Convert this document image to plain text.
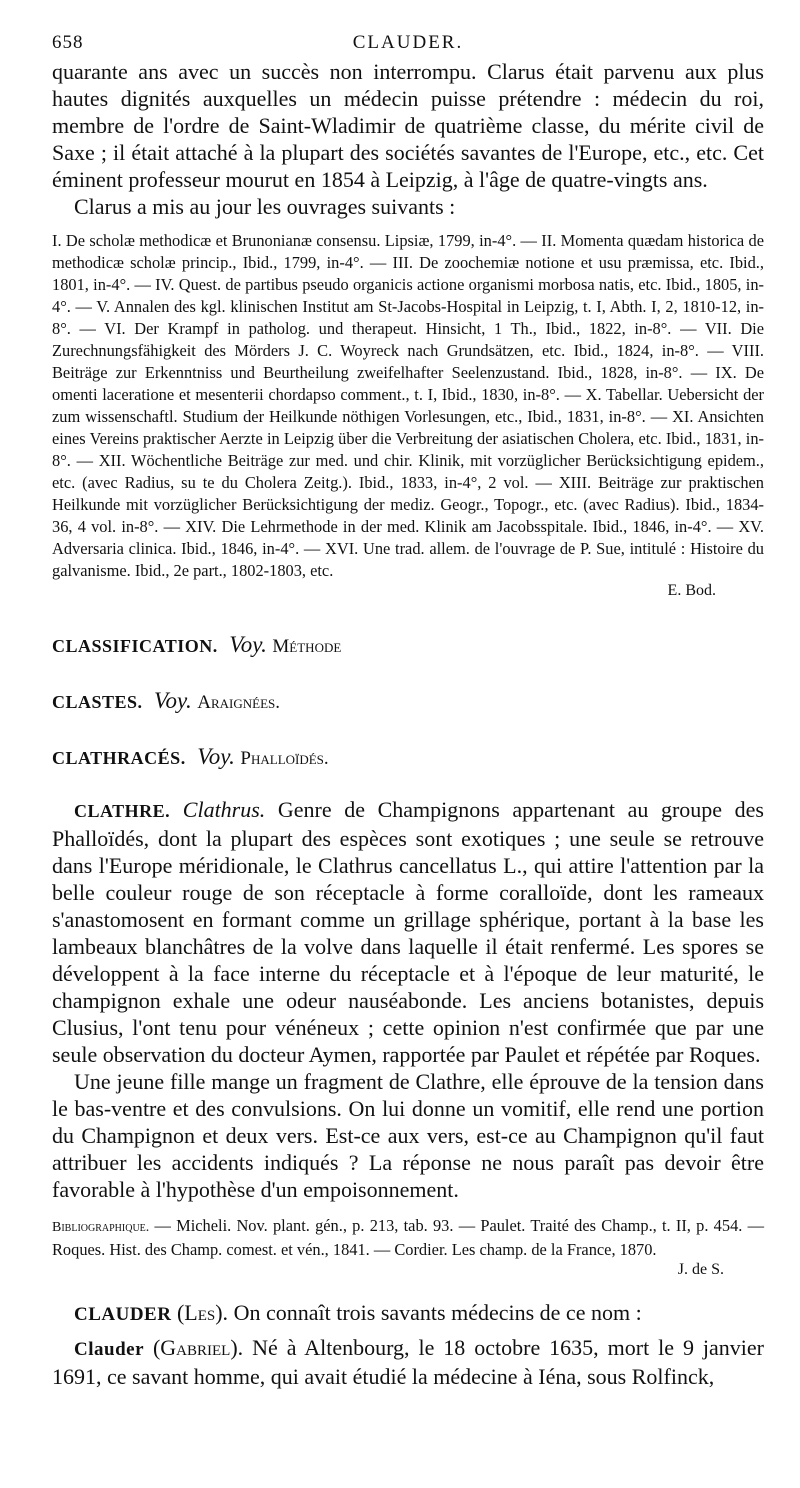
658	CLAUDER.

quarante ans avec un succès non interrompu. Clarus était parvenu aux plus hautes dignités auxquelles un médecin puisse prétendre : médecin du roi, membre de l'ordre de Saint-Wladimir de quatrième classe, du mérite civil de Saxe ; il était attaché à la plupart des sociétés savantes de l'Europe, etc., etc. Cet éminent professeur mourut en 1854 à Leipzig, à l'âge de quatre-vingts ans.

Clarus a mis au jour les ouvrages suivants :

I. De scholæ methodicæ et Brunonianæ consensu. Lipsiæ, 1799, in-4°. — II. Momenta quædam historica de methodicæ scholæ princip., Ibid., 1799, in-4°. — III. De zoochemiæ notione et usu præmissa, etc. Ibid., 1801, in-4°. — IV. Quest. de partibus pseudo organicis actione organismi morbosa natis, etc. Ibid., 1805, in-4°. — V. Annalen des kgl. klinischen Institut am St-Jacobs-Hospital in Leipzig, t. I, Abth. I, 2, 1810-12, in-8°. — VI. Der Krampf in patholog. und therapeut. Hinsicht, 1 Th., Ibid., 1822, in-8°. — VII. Die Zurechnungsfähigkeit des Mörders J. C. Woyreck nach Grundsätzen, etc. Ibid., 1824, in-8°. — VIII. Beiträge zur Erkenntniss und Beurtheilung zweifelhafter Seelenzustand. Ibid., 1828, in-8°. — IX. De omenti laceratione et mesenterii chordapso comment., t. I, Ibid., 1830, in-8°. — X. Tabellar. Uebersicht der zum wissenschaftl. Studium der Heilkunde nöthigen Vorlesungen, etc., Ibid., 1831, in-8°. — XI. Ansichten eines Vereins praktischer Aerzte in Leipzig über die Verbreitung der asiatischen Cholera, etc. Ibid., 1831, in-8°. — XII. Wöchentliche Beiträge zur med. und chir. Klinik, mit vorzüglicher Berücksichtigung epidem., etc. (avec Radius, su te du Cholera Zeitg.). Ibid., 1833, in-4°, 2 vol. — XIII. Beiträge zur praktischen Heilkunde mit vorzüglicher Berücksichtigung der mediz. Geogr., Topogr., etc. (avec Radius). Ibid., 1834-36, 4 vol. in-8°. — XIV. Die Lehrmethode in der med. Klinik am Jacobsspitale. Ibid., 1846, in-4°. — XV. Adversaria clinica. Ibid., 1846, in-4°. — XVI. Une trad. allem. de l'ouvrage de P. Sue, intitulé : Histoire du galvanisme. Ibid., 2e part., 1802-1803, etc.

E. Bod.
CLASSIFICATION. Voy. Méthode
CLASTES. Voy. Araignées.
CLATHRACÉS. Voy. Phalloïdés.

CLATHRE. Clathrus. Genre de Champignons appartenant au groupe des Phalloïdés, dont la plupart des espèces sont exotiques ; une seule se retrouve dans l'Europe méridionale, le Clathrus cancellatus L., qui attire l'attention par la belle couleur rouge de son réceptacle à forme coralloïde, dont les rameaux s'anastomosent en formant comme un grillage sphérique, portant à la base les lambeaux blanchâtres de la volve dans laquelle il était renfermé. Les spores se développent à la face interne du réceptacle et à l'époque de leur maturité, le champignon exhale une odeur nauséabonde. Les anciens botanistes, depuis Clusius, l'ont tenu pour vénéneux ; cette opinion n'est confirmée que par une seule observation du docteur Aymen, rapportée par Paulet et répétée par Roques.

Une jeune fille mange un fragment de Clathre, elle éprouve de la tension dans le bas-ventre et des convulsions. On lui donne un vomitif, elle rend une portion du Champignon et deux vers. Est-ce aux vers, est-ce au Champignon qu'il faut attribuer les accidents indiqués ? La réponse ne nous paraît pas devoir être favorable à l'hypothèse d'un empoisonnement.

Bibliographique. — Micheli. Nov. plant. gén., p. 213, tab. 93. — Paulet. Traité des Champ., t. II, p. 454. — Roques. Hist. des Champ. comest. et vén., 1841. — Cordier. Les champ. de la France, 1870.

J. de S.

CLAUDER (Les). On connaît trois savants médecins de ce nom :

Clauder (Gabriel). Né à Altenbourg, le 18 octobre 1635, mort le 9 janvier 1691, ce savant homme, qui avait étudié la médecine à Iéna, sous Rolfinck,
